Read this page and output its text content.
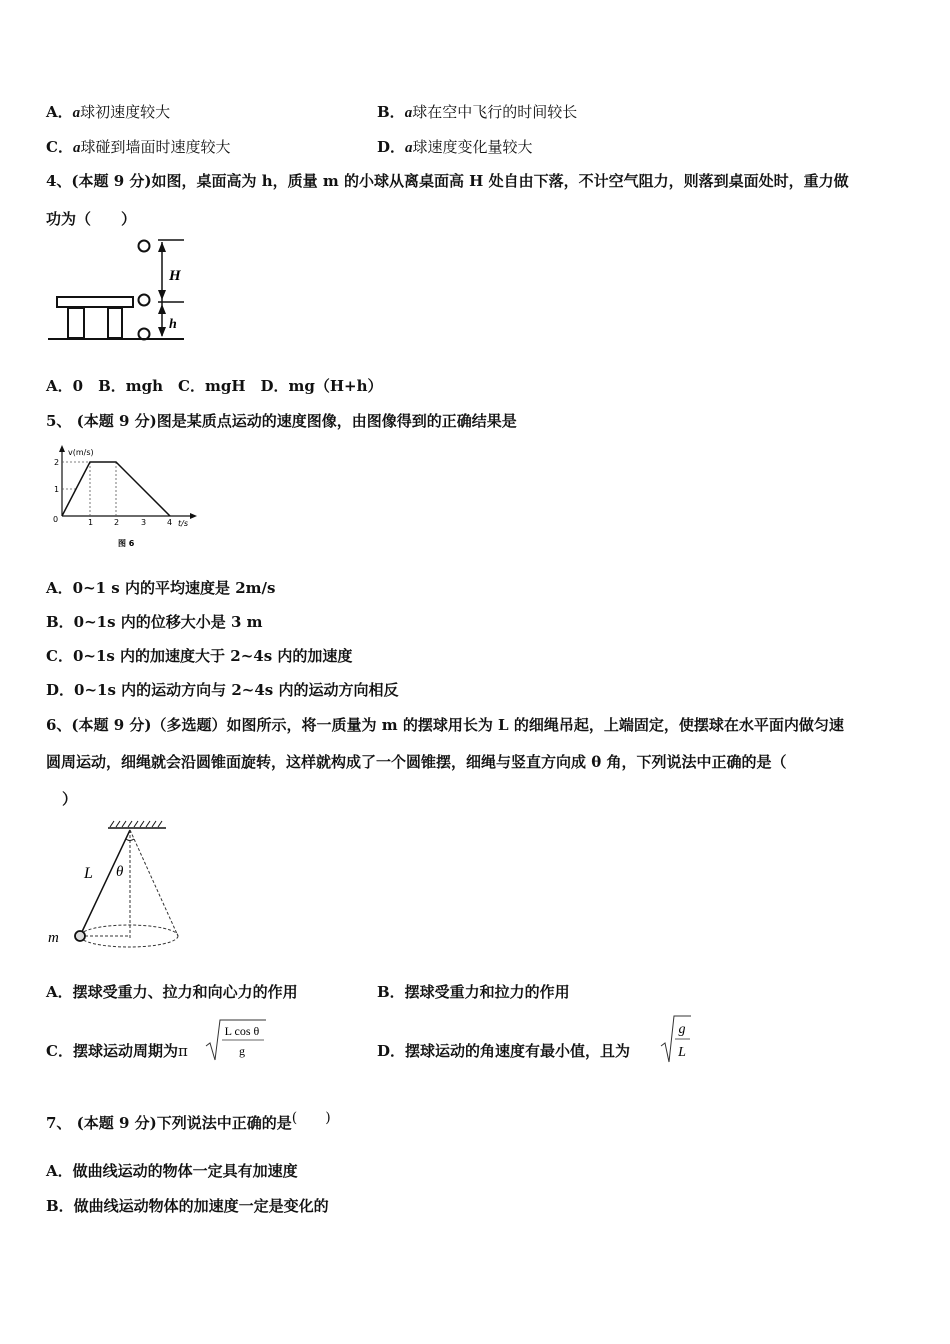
A．a球初速度较大	B．a球在空中飞行的时间较长
C．a球碰到墙面时速度较大	D．a球速度变化量较大
4、(本题 9 分)如图，桌面高为 h，质量 m 的小球从离桌面高 H 处自由下落，不计空气阻力，则落到桌面处时，重力做
功为（　　）
H
h
A．0　B．mgh　C．mgH　D．mg（H+h）
5、 (本题 9 分)图是某质点运动的速度图像，由图像得到的正确结果是
v(m/s)
t/s
2
1
0	1	2	3	4
图 6
A．0~1 s 内的平均速度是 2m/s
B．0~1s 内的位移大小是 3 m
C．0~1s 内的加速度大于 2~4s 内的加速度
D．0~1s 内的运动方向与 2~4s 内的运动方向相反
6、(本题 9 分)（多选题）如图所示，将一质量为 m 的摆球用长为 L 的细绳吊起，上端固定，使摆球在水平面内做匀速
圆周运动，细绳就会沿圆锥面旋转，这样就构成了一个圆锥摆，细绳与竖直方向成 θ 角，下列说法中正确的是（
）
L θ
m
A．摆球受重力、拉力和向心力的作用	B．摆球受重力和拉力的作用
C．摆球运动周期为π
L cos θ
g	D．摆球运动的角速度有最小值，且为
g
L
7、 (本题 9 分)下列说法中正确的是(　　)
A．做曲线运动的物体一定具有加速度
B．做曲线运动物体的加速度一定是变化的
